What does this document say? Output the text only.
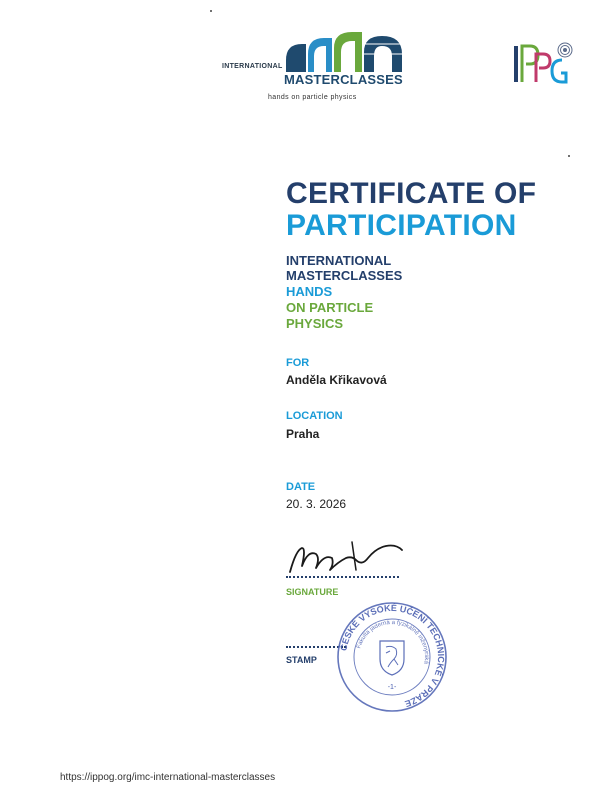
INTERNATIONAL
MASTERCLASSES
hands on particle physics
CERTIFICATE OF
PARTICIPATION
INTERNATIONAL
MASTERCLASSES
HANDS
ON PARTICLE
PHYSICS
FOR
Anděla Křikavová
LOCATION
Praha
DATE
20. 3. 2026
SIGNATURE
STAMP
ČESKÉ VYSOKÉ UČENÍ TECHNICKÉ V PRAZE
Fakulta jaderná a fyzikálně inženýrská
-1-
https://ippog.org/imc-international-masterclasses
